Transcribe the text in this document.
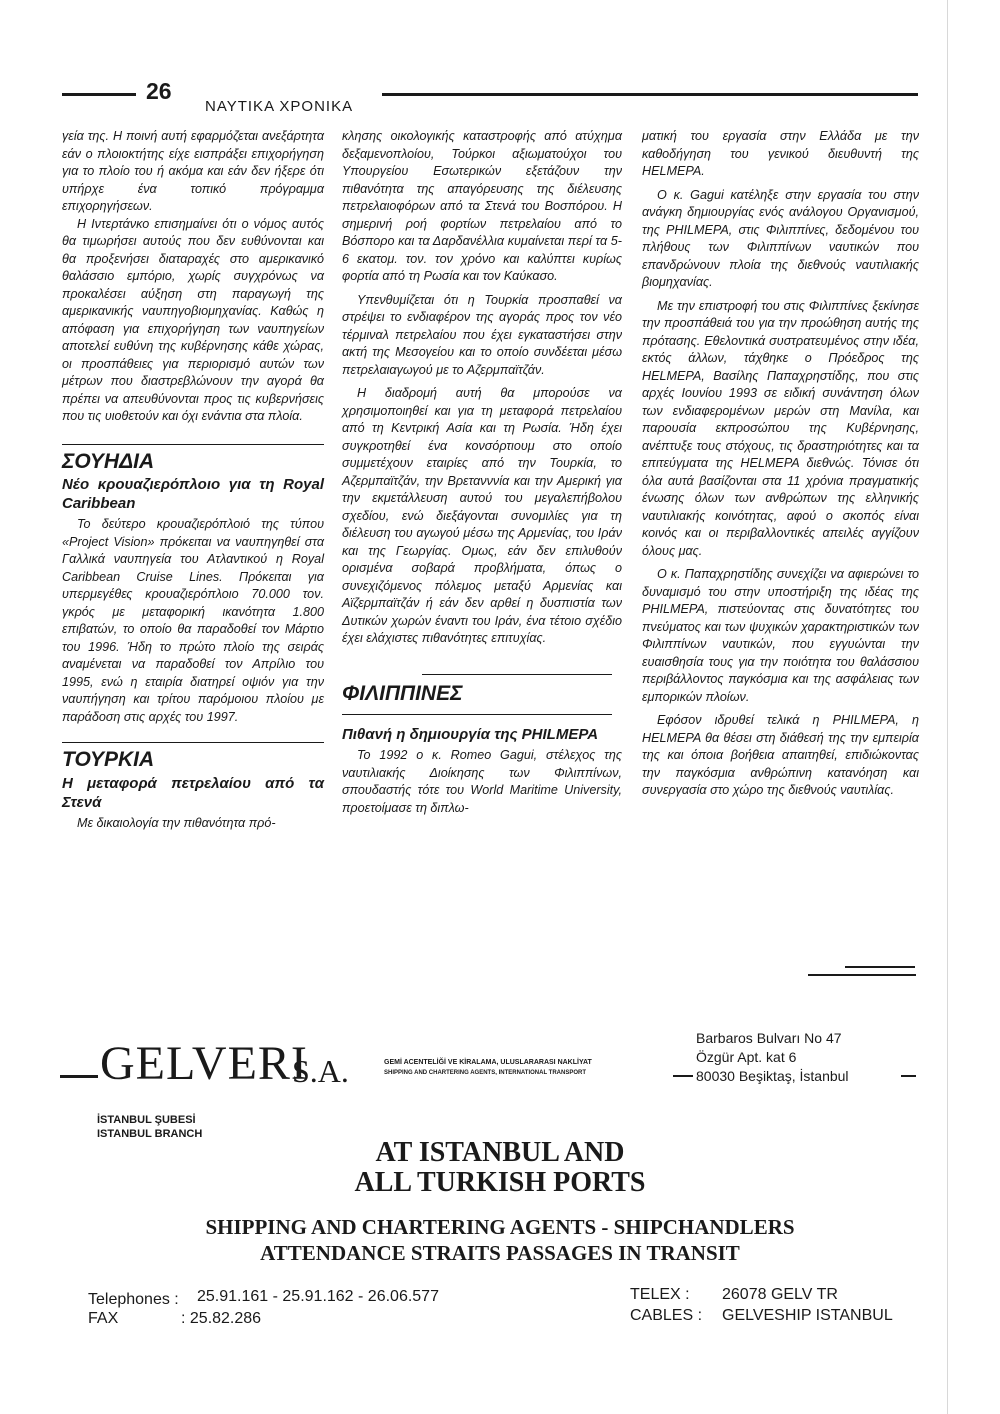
26
ΝΑΥΤΙΚΑ ΧΡΟΝΙΚΑ

γεία της. Η ποινή αυτή εφαρμόζεται ανεξάρτητα εάν ο πλοιοκτήτης είχε εισπράξει επιχορήγηση για το πλοίο του ή ακόμα και εάν δεν ήξερε ότι υπήρχε ένα τοπικό πρόγραμμα επιχορηγήσεων.

Η Ιντερτάνκο επισημαίνει ότι ο νόμος αυτός θα τιμωρήσει αυτούς που δεν ευθύνονται και θα προξενήσει διαταραχές στο αμερικανικό θαλάσσιο εμπόριο, χωρίς συγχρόνως να προκαλέσει αύξηση στη παραγωγή της αμερικανικής ναυπηγοβιομηχανίας. Καθώς η απόφαση για επιχορήγηση των ναυπηγείων αποτελεί ευθύνη της κυβέρνησης κάθε χώρας, οι προσπάθειες για περιορισμό αυτών των μέτρων που διαστρεβλώνουν την αγορά θα πρέπει να απευθύνονται προς τις κυβερνήσεις που τις υιοθετούν και όχι ενάντια στα πλοία.

ΣΟΥΗΔΙΑ
Νέο κρουαζιερόπλοιο για τη Royal Caribbean

Το δεύτερο κρουαζιερόπλοιό της τύπου «Project Vision» πρόκειται να ναυπηγηθεί στα Γαλλικά ναυπηγεία του Ατλαντικού η Royal Caribbean Cruise Lines. Πρόκειται για υπερμεγέθες κρουαζιερόπλοιο 70.000 τον. γκρός με μεταφορική ικανότητα 1.800 επιβατών, το οποίο θα παραδοθεί τον Μάρτιο του 1996. Ήδη το πρώτο πλοίο της σειράς αναμένεται να παραδοθεί τον Απρίλιο του 1995, ενώ η εταιρία διατηρεί οψιόν για την ναυπήγηση και τρίτου παρόμοιου πλοίου με παράδοση στις αρχές του 1997.

ΤΟΥΡΚΙΑ
Η μεταφορά πετρελαίου από τα Στενά

Με δικαιολογία την πιθανότητα πρό-

κλησης οικολογικής καταστροφής από ατύχημα δεξαμενοπλοίου, Τούρκοι αξιωματούχοι του Υπουργείου Εσωτερικών εξετάζουν την πιθανότητα της απαγόρευσης της διέλευσης πετρελαιοφόρων από τα Στενά του Βοσπόρου. Η σημερινή ροή φορτίων πετρελαίου από το Βόσπορο και τα Δαρδανέλλια κυμαίνεται περί τα 5-6 εκατομ. τον. τον χρόνο και καλύπτει κυρίως φορτία από τη Ρωσία και τον Καύκασο.

Υπενθυμίζεται ότι η Τουρκία προσπαθεί να στρέψει το ενδιαφέρον της αγοράς προς τον νέο τέρμιναλ πετρελαίου που έχει εγκαταστήσει στην ακτή της Μεσογείου και το οποίο συνδέεται μέσω πετρελαιαγωγού με το Αζερμπαϊτζάν.

Η διαδρομή αυτή θα μπορούσε να χρησιμοποιηθεί και για τη μεταφορά πετρελαίου από τη Κεντρική Ασία και τη Ρωσία. Ήδη έχει συγκροτηθεί ένα κονσόρτιουμ στο οποίο συμμετέχουν εταιρίες από την Τουρκία, το Αζερμπαϊτζάν, την Βρετανννία και την Αμερική για την εκμετάλλευση αυτού του μεγαλεπήβολου σχεδίου, ενώ διεξάγονται συνομιλίες για τη διέλευση του αγωγού μέσω της Αρμενίας, του Ιράν και της Γεωργίας. Ομως, εάν δεν επιλυθούν ορισμένα σοβαρά προβλήματα, όπως ο συνεχιζόμενος πόλεμος μεταξύ Αρμενίας και Αϊζερμπαϊτζάν ή εάν δεν αρθεί η δυσπιστία των Δυτικών χωρών έναντι του Ιράν, ένα τέτοιο σχέδιο έχει ελάχιστες πιθανότητες επιτυχίας.

ΦΙΛΙΠΠΙΝΕΣ
Πιθανή η δημιουργία της PHILΜΕΡΑ

Το 1992 ο κ. Romeo Gagui, στέλεχος της ναυτιλιακής Διοίκησης των Φιλιππίνων, σπουδαστής τότε του World Maritime University, προετοίμασε τη διπλω-

ματική του εργασία στην Ελλάδα με την καθοδήγηση του γενικού διευθυντή της HELMEPA.

Ο κ. Gagui κατέληξε στην εργασία του στην ανάγκη δημιουργίας ενός ανάλογου Οργανισμού, της PHILMEPA, στις Φιλιππίνες, δεδομένου του πλήθους των Φιλιππίνων ναυτικών που επανδρώνουν πλοία της διεθνούς ναυτιλιακής βιομηχανίας.

Με την επιστροφή του στις Φιλιππίνες ξεκίνησε την προσπάθειά του για την προώθηση αυτής της πρότασης. Εθελοντικά συστρατευμένος στην ιδέα, εκτός άλλων, τάχθηκε ο Πρόεδρος της HELMEPA, Βασίλης Παπαχρηστίδης, που στις αρχές Ιουνίου 1993 σε ειδική συνάντηση όλων των ενδιαφερομένων μερών στη Μανίλα, και παρουσία εκπροσώπου της Κυβέρνησης, ανέπτυξε τους στόχους, τις δραστηριότητες και τα επιτεύγματα της HELMEPA διεθνώς. Τόνισε ότι όλα αυτά βασίζονται στα 11 χρόνια πραγματικής ένωσης όλων των ανθρώπων της ελληνικής ναυτιλιακής κοινότητας, αφού ο σκοπός είναι κοινός και οι περιβαλλοντικές απειλές αγγίζουν όλους μας.

Ο κ. Παπαχρηστίδης συνεχίζει να αφιερώνει το δυναμισμό του στην υποστήριξη της ιδέας της PHILMEPA, πιστεύοντας στις δυνατότητες του πνεύματος και των ψυχικών χαρακτηριστικών των Φιλιππίνων ναυτικών, που εγγυώνται την ευαισθησία τους για την ποιότητα του θαλάσσιου περιβάλλοντος παγκόσμια και της ασφάλειας των εμπορικών πλοίων.

Εφόσον ιδρυθεί τελικά η PHILMEPA, η HELMEPA θα θέσει στη διάθεσή της την εμπειρία της και όποια βοήθεια απαιτηθεί, επιδιώκοντας την παγκόσμια ανθρώπινη κατανόηση και συνεργασία στο χώρο της διεθνούς ναυτιλίας.

GELVERI
S.A.	GEMİ ACENTELİĞİ VE KİRALAMA, ULUSLARARASI NAKLİYAT
SHIPPING AND CHARTERING AGENTS, INTERNATIONAL TRANSPORT
Barbaros Bulvarı No 47
Özgür Apt. kat 6
80030 Beşiktaş, İstanbul
İSTANBUL ŞUBESİ
ISTANBUL BRANCH
AT ISTANBUL AND
ALL TURKISH PORTS
SHIPPING AND CHARTERING AGENTS - SHIPCHANDLERS
ATTENDANCE STRAITS PASSAGES IN TRANSIT
Telephones : 25.91.161 - 25.91.162 - 26.06.577
FAX	: 25.82.286
TELEX : 26078 GELV TR
CABLES : GELVESHIP ISTANBUL
